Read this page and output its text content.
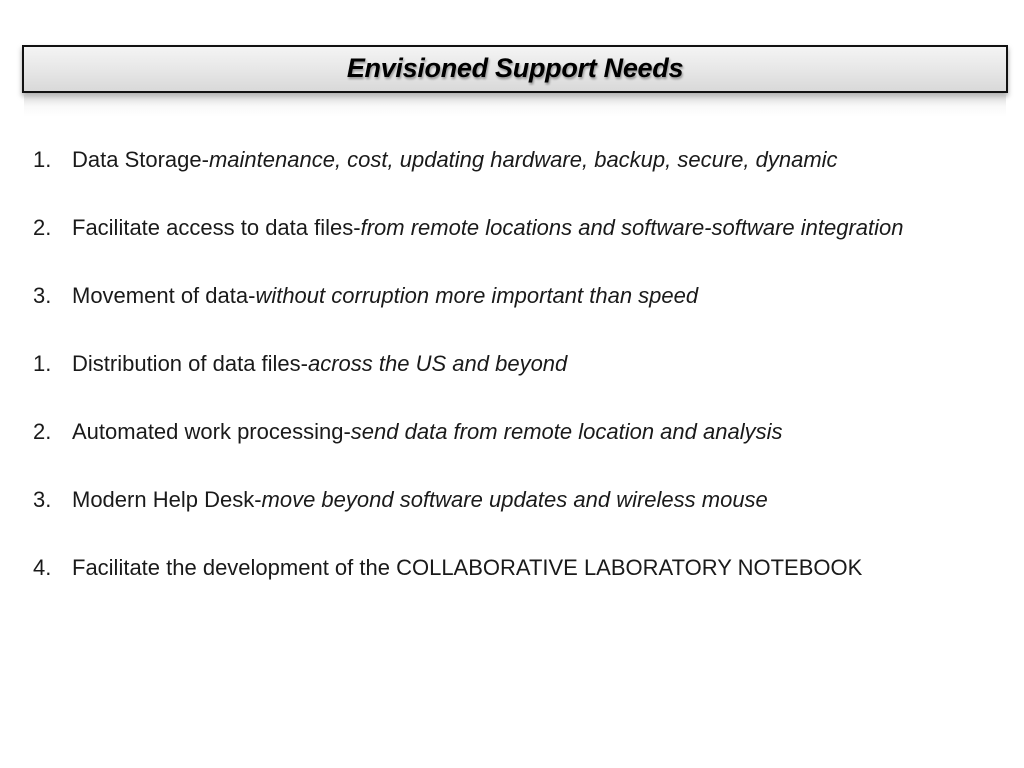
Envisioned Support Needs
1. Data Storage-maintenance, cost, updating hardware, backup, secure, dynamic
2. Facilitate access to data files-from remote locations and software-software integration
3. Movement of data-without corruption more important than speed
1. Distribution of data files-across the US and beyond
2. Automated work processing-send data from remote location and analysis
3. Modern Help Desk-move beyond software updates and wireless mouse
4. Facilitate the development of the COLLABORATIVE LABORATORY NOTEBOOK
